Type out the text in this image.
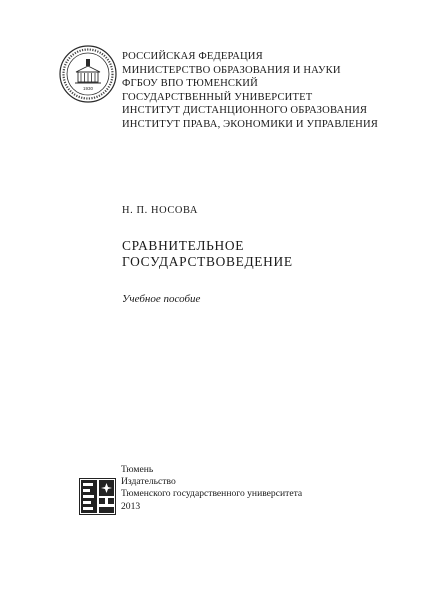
1930
РОССИЙСКАЯ ФЕДЕРАЦИЯ
МИНИСТЕРСТВО ОБРАЗОВАНИЯ И НАУКИ
ФГБОУ ВПО ТЮМЕНСКИЙ
ГОСУДАРСТВЕННЫЙ УНИВЕРСИТЕТ
ИНСТИТУТ ДИСТАНЦИОННОГО ОБРАЗОВАНИЯ
ИНСТИТУТ ПРАВА, ЭКОНОМИКИ И УПРАВЛЕНИЯ
Н. П. НОСОВА
СРАВНИТЕЛЬНОЕ
ГОСУДАРСТВОВЕДЕНИЕ
Учебное пособие
Тюмень
Издательство
Тюменского государственного университета
2013
